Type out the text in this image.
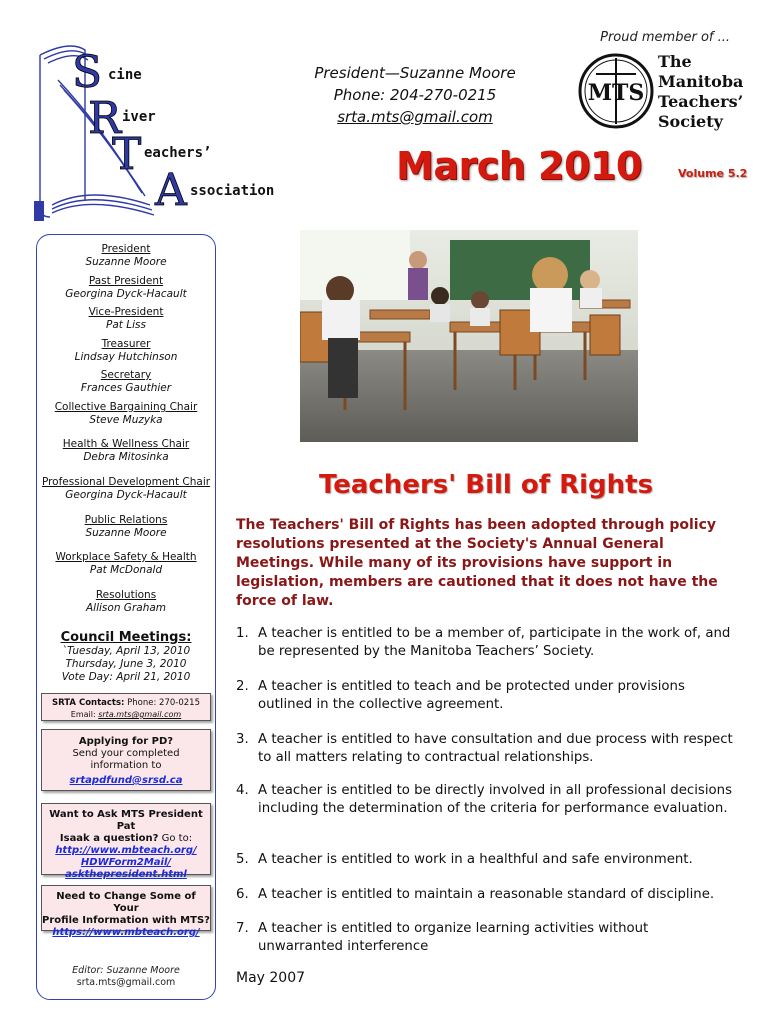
S
R
T
A
cine
iver
eachers’
ssociation
Proud member of ...
President—Suzanne Moore
Phone: 204-270-0215
srta.mts@gmail.com
MTS
The
Manitoba
Teachers’
Society
March 2010	Volume 5.2
President
Suzanne Moore
Past President
Georgina Dyck-Hacault
Vice-President
Pat Liss
Treasurer
Lindsay Hutchinson
Secretary
Frances Gauthier
Collective Bargaining Chair
Steve Muzyka
Health & Wellness Chair
Debra Mitosinka
Professional Development Chair
Georgina Dyck-Hacault
Public Relations
Suzanne Moore
Workplace Safety & Health
Pat McDonald
Resolutions
Allison Graham
Council Meetings:
`Tuesday, April 13, 2010
Thursday, June 3, 2010
Vote Day: April 21, 2010
SRTA Contacts: Phone: 270-0215
Email: srta.mts@gmail.com
Applying for PD?
Send your completed
information to
srtapdfund@srsd.ca
Want to Ask MTS President Pat
Isaak a question? Go to:
http://www.mbteach.org/
HDWForm2Mail/
askthepresident.html
Need to Change Some of Your
Profile Information with MTS?
https://www.mbteach.org/
Editor: Suzanne Moore
srta.mts@gmail.com
Teachers' Bill of Rights
The Teachers' Bill of Rights has been adopted through policy resolutions presented at the Society's Annual General Meetings. While many of its provisions have support in legislation, members are cautioned that it does not have the force of law.
1. A teacher is entitled to be a member of, participate in the work of, and be represented by the Manitoba Teachers’ Society.
2. A teacher is entitled to teach and be protected under provisions outlined in the collective agreement.
3. A teacher is entitled to have consultation and due process with respect to all matters relating to contractual relationships.
4. A teacher is entitled to be directly involved in all professional decisions including the determination of the criteria for performance evaluation.
5. A teacher is entitled to work in a healthful and safe environment.
6. A teacher is entitled to maintain a reasonable standard of discipline.
7. A teacher is entitled to organize learning activities without unwarranted interference
May 2007
